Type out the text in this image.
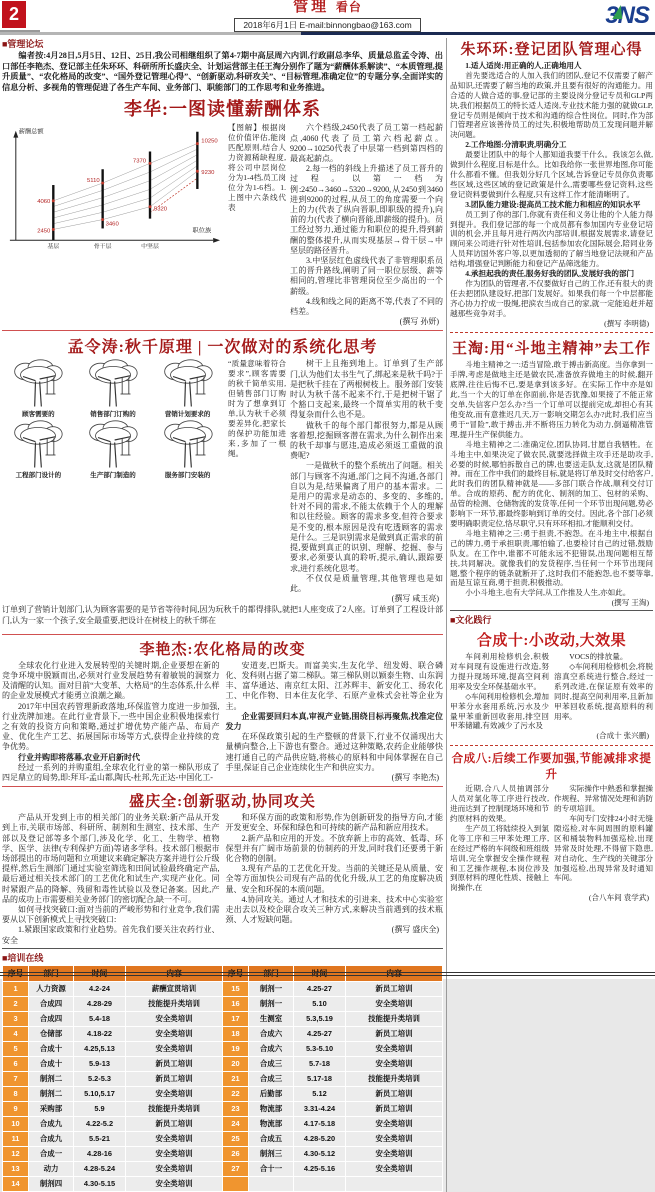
2	管理 看台
2018年6月1日 E-mail:binnongbao@163.com	3NS
■管理论坛

编者按:4月28日,5月5日、12日、25日,我公司相继组织了第4-7期中高层周六内训,行政副总李华、质量总监孟令涛、出口部任李艳杰、登记部主任朱环环、科研所所长盛庆全、计划运营部主任王淘分别作了题为“薪酬体系解读”、“本质管理,提升质量”、“农化格局的改变”、“国外登记管理心得”、“创新驱动,科研攻关”、“目标管理,准确定位”的专题分享,全面详实的信息分析、多视角的管理促进了各生产车间、业务部门、职能部门的工作思考和业务推进。

李华:一图读懂薪酬体系
2450
4060
3460
5110
5320
7370
9230
10250
薪酬总额
职位族
基层	骨干层	中坚层
【图解】根据岗位价值评估,能岗匹配原则,结合人力资源稀缺程度,将公司中层岗位分为1-4档,员工岗位分为1-6档。1.上图中六条线代表

六个档级,2450代表了员工第一档起薪点,4060代表了员工第六档起薪点。9200→10250代表了中层第一档到第四档的最高起薪点。

2.每一档的斜线上升描述了员工晋升的过程。以第一档为例:2450→3460→5320→9200,从2450到3460进到9200的过程,从员工的角度需要一个向上的力(代表了纵向晋职,即职级的提升),向前的力(代表了横向晋能,即薪级的提升)。员工经过努力,通过能力和职位的提升,得到薪酬的整体提升,从而实现基层→骨干层→中坚层的路径晋升。

3.中坚层红色虚线代表了非管理职系员工的晋升路线,阐明了同一职位层级、薪等相同的,管理比非管理岗位至少高出的一个薪级。

4.线和线之间的距离不等,代表了不同的档差。

(撰写 孙妍)

孟令涛:秋千原理 | 一次做对的系统化思考
顾客需要的	销售部门订购的	营销计划要求的
工程部门设计的	生产部门制造的	服务部门安装的
“质量意味着符合要求”,顾客需要的秋千简单实用,但销售部门订购时为了想拿到订单,认为秋千必须要差异化,把家长的保护功能加进来,多加了一根绳。

树干上且拖到地上。订单到了生产部门,认为他们太书生气了,绑起来是秋千吗?于是把秋千挂在了两根树枝上。服务部门安装时认为秋千荡不起来不行,于是把树干锯了个豁口支起来,最终一个简单实用的秋千变得复杂而什么也不是。

做秋千的每个部门都很努力,都是从顾客着想,挖掘顾客潜在需求,为什么制作出来的秋千却事与愿违,造成必须返工重做的浪费呢?

一是做秋千的整个系统出了问题。相关部门与顾客不沟通,部门之间不沟通,各部门自以为是,结果偏离了用户的基本需求。二是用户的需求是动态的、多变的、多维的,针对不同的需求,不能太依赖于个人的理解和以往经验。顾客的需求多变,但符合要求是不变的,根本原因是没有吃透顾客的需求是什么。三是识别需求是做到真正需求的前提,要做到真正的识别、理解、挖掘、参与要求,必须要认真的聆听,提示,确认,跟踪要求,进行系统化思考。

不仅仅是质量管理,其他管理也是如此。

(撰写 咸玉亮)

订单到了营销计划部门,认为顾客需要的是节省等待时间,因为玩秋千的都得排队,就把1人座变成了2人座。订单到了工程设计部门,认为一家一个孩子,安全最重要,把设计在树枝上的秋千绑在

李艳杰:农化格局的改变

全球农化行业进入发展转型的关键时期,企业要想在新的竞争环境中脱颖而出,必须对行业发展趋势有着敏锐的洞察力及清醒的认知。面对目前“大变革、大格局”的生态体系,什么样的企业发展模式才能勇立浪潮之巅。

2017年中国农药管理新政落地,环保监管力度进一步加强,行业洗牌加速。在此行业背景下,一些中国企业积极地探索行之有效的投资方向和策略,通过扩增优势产能产品、布局产业、优化生产工艺、拓展国际市场等方式,获得企业持续的竞争优势。

行业并购即将落幕,农业开启新时代

经过一系列的并购重组,全球农化行业的第一梯队形成了四足鼎立的局势,即:拜耳-孟山都,陶氏-杜邦,先正达-中国化工-

安道麦,巴斯夫。而富美实,生友化学、纽发姆、联合磷化、发科则占据了第二梯队。第三梯队则以颖泰生物、山东润丰、富华通达、南京红太阳、江苏辉丰、新安化工、扬农化工、中化作物、日本住友化学、石原产业株式会社等企业为主。

企业需要回归本真,审视产业链,围绕目标再聚焦,找准定位发力

在环保政策引起的生产整顿的背景下,行业不仅涌现出大量横向整合,上下游也有整合。通过这种策略,农药企业能够快速打通自己的产品供应链,将核心的原料和中间体掌握在自己手里,保证自己企业连续化生产和供应实力。

(撰写 李艳杰)

盛庆全:创新驱动,协同攻关

产品从开发到上市的相关部门的业务关联:新产品从开发到上市,关联市场部、科研所、制剂和生测室、技术部、生产部以及登记部等多个部门,涉及化学、化工、生物学、植物学、医学、法律(专利保护方面)等诸多学科。技术部门根据市场部提出的市场问题和立项建议来确定解决方案并进行公斤级提样,然后生测部门通过实验室筛选和田间试验最终确定产品,最后通过相关技术部门的工艺优化和试生产,实现产业化。同时紧跟产品的降解、残留和毒性试验以及登记备案。因此,产品的成功上市需要相关业务部门的密切配合,缺一不可。

如何寻找突破口:面对当前的严峻形势和行业竞争,我们需要从以下创新模式上寻找突破口:

1.紧跟国家政策和行业趋势。首先我们要关注农药行业、安全

和环保方面的政策和形势,作为创新研发的指导方向,才能开发更安全、环保和绿色和可持续的新产品和新应用技术。

2.新产品和应用的开发。不放弃新上市的高效、低毒、环保型并有广阔市场前景的仿制药的开发,同时我们还要勇于新化合物的创制。

3.现有产品的工艺优化开发。当前的关键还是从质量、安全等方面加快公司现有产品的优化升级,从工艺的角度解决质量、安全和环保的本质问题。

4.协同攻关。通过人才和技术的引进来、技术中心实验室走出去以及校企联合攻关三种方式,来解决当前遇到的技术瓶颈、人才短缺问题。

(撰写 盛庆全)

■培训在线
序号	部门	时间	内容	序号	部门	时间	内容
1	人力资源	4.2-24	薪酬宣贯培训	15	制剂一	4.25-27	新员工培训
2	合成四	4.28-29	技能提升类培训	16	制剂一	5.10	安全类培训
3	合成四	5.4-18	安全类培训	17	生测室	5.3,5.19	技能提升类培训
4	仓储部	4.18-22	安全类培训	18	合成六	4.25-27	新员工培训
5	合成十	4.25,5.13	安全类培训	19	合成六	5.3-5.10	安全类培训
6	合成十	5.9-13	新员工培训	20	合成三	5.7-18	安全类培训
7	制剂二	5.2-5.3	新员工培训	21	合成三	5.17-18	技能提升类培训
8	制剂二	5.10,5.17	安全类培训	22	后勤部	5.12	新员工培训
9	采购部	5.9	技能提升类培训	23	物流部	3.31-4.24	新员工培训
10	合成九	4.22-5.2	新员工培训	24	物流部	4.17-5.18	安全类培训
11	合成九	5.5-21	安全类培训	25	合成五	4.28-5.20	安全类培训
12	合成一	4.28-16	安全类培训	26	制剂三	4.30-5.12	安全类培训
13	动力	4.28-5.24	安全类培训	27	合十一	4.25-5.16	安全类培训
14	制剂四	4.30-5.15	安全类培训				
朱环环:登记团队管理心得

1.适人适岗:用正确的人,正确地用人

首先要选适合的人加入我们的团队,登记不仅需要了解产品知识,还需要了解当地的政策,并且要有很好的沟通能力。用合适的人做合适的事,登记部的主要设岗分登记专员和GLP两块,我们根据员工的特长适人适岗,专业技术能力强的就做GLP,登记专员则是倾向于技术和沟通的综合性岗位。同时,作为部门管理者应该善待员工的过失,积极地帮助员工发现问题并解决问题。

2.工作地图:分清职责,明确分工

最要让团队中的每个人都知道我要干什么。我该怎么做,做到什么程度,目标是什么。比如我给你一张世界地图,你可能什么都看不懂。但我划分好几个区域,告诉登记专员你负责哪些区域,这些区域的登记政策是什么,需要哪些登记资料,这些登记资料要做到什么程度,只有这样工作才能清晰明了。

3.团队能力建设:提高员工技术能力和相应的知识水平

员工到了你的部门,你就有责任和义务让他的个人能力得到提升。我们登记部的每一个成员都有参加国内专业登记培训的机会,并且每月进行两次内部培训,根据发展需求,请登记顾问来公司进行针对性培训,包括参加农化国际展会,陪同业务人员拜访国外客户等,以更加透彻的了解当地登记法规和产品结构,增强登记判断能力和登记产品筛选能力。

4.承担起我的责任,服务好我的团队,发展好我的部门

作为团队的管理者,不仅要做好自己的工作,还有很大的责任去把团队建设好,把部门发展好。如果我们每一个中层都能齐心协力拧成一股绳,把滨农当成自己的家,就一定能追赶并超越那些竞争对手。

(撰写 李明德)

王淘:用“斗地主精神”去工作

斗地主精神之一:适当冒险,敢于搏击新高度。当你拿到一手牌,考虑是做地主还是做农民,准备放弃做地主的时候,翻开底牌,往往后悔不已,要是拿到该多好。在实际工作中亦是如此,当一个大的订单在你面前,你是否犹豫,如果接了不能正常交单,失信客户怎么办?当一个订单可以提前完成,却担心有其他变故,而有意推迟几天,万一影响交期怎么办?此时,我们应当勇于“冒险”,敢于搏击,并不断将压力转化为动力,倒逼精准管理,提升生产保供能力。

斗地主精神之二:准确定位,团队协同,甘愿自我牺牲。在斗地主中,如果决定了做农民,就要选择做主攻手还是助攻手,必要的时候,哪怕拆散自己的牌,也要送走队友,这就是团队精神。而在工作中我们的最终目标,就是将订单及时交付给客户,此时我们的团队精神就是——多部门联合作战,顺利交付订单。合成的原药、配方的优化、制剂的加工、包材的采购、品管的检测、仓储物流的发货等,任何一个环节出现问题,势必影响下一环节,都最终影响到订单的交付。因此,各个部门必须要明确职责定位,恪尽职守,只有环环相扣,才能顺利交付。

斗地主精神之三:勇于担责,不抱怨。在斗地主中,根据自己的牌力,勇于承担职责,哪怕输了,也要检讨自己的过错,鼓励队友。在工作中,谁都不可能永远不犯错误,出现问题相互帮扶,共同解决。就像我们的发货程序,当任何一个环节出现问题,整个程序的链条就断开了,这时我们不能抱怨,也不要等靠,而是互谅互商,勇于担责,积极推动。

小小斗地主,也有大学问,从工作推及人生,亦如此。

(撰写 王淘)

■文化践行
合成十:小改动,大效果

车间利用检修机会,积极对车间现有设施进行改造,努力提升现场环境,提高空间利用率及安全环保基础水平。

◇车间利用检修机会,增加甲苯分水套用系统,污水及少量甲苯重新回收套用,排空回甲苯储罐,有效减少了污水及

VOCS的排放量。

◇车间利用检修机会,将脱溶真空系统进行整合,经过一系列改进,在保证原有效率的同时,提高空间利用率,且新加甲苯回收系统,提高原料的利用率。

(合成十 张兴鹏)

合成八:后续工作要加强,节能减排求提升

近期,合八人员抽调部分人员对氯化等工序进行技改,进而达到了控制现场环境和节约原材料的效果。

生产员工将陆续投入到氯化等工序和三甲苯处理工序,在经过严格的车间级和班组级培训,完全掌握安全操作规程和工艺操作规程,本岗位涉及到原材料的理化性质、接触上岗操作,在

实际操作中熟悉和掌握操作规程、异常情况处理和消防的专项培训。

车间专门安排24小时无缝隙巡检,对车间周围的原料罐区和桶装物料加强巡检,出现异常及时处理,不得留下隐患,对自动化、生产线的关键部分加强巡检,出现异常及时通知车间。

(合八车间 袁学武)
